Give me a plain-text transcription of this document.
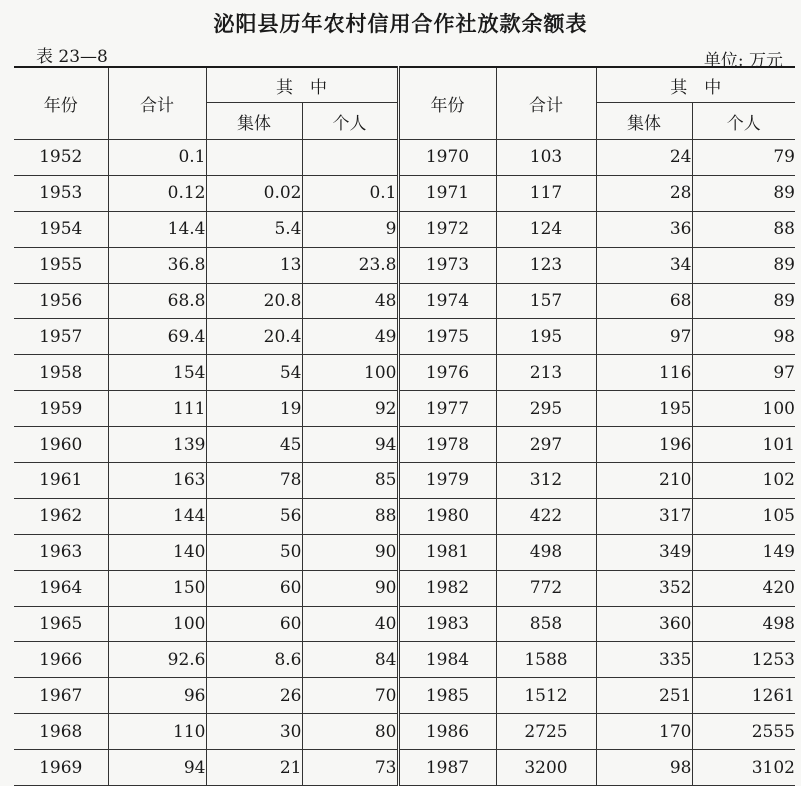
泌阳县历年农村信用合作社放款余额表
表 23—8	单位: 万元
年份	合计	其　中		年份	合计	其　中	
		集体	个人			集体	个人
1952	0.1			1970	103	24	79
1953	0.12	0.02	0.1	1971	117	28	89
1954	14.4	5.4	9	1972	124	36	88
1955	36.8	13	23.8	1973	123	34	89
1956	68.8	20.8	48	1974	157	68	89
1957	69.4	20.4	49	1975	195	97	98
1958	154	54	100	1976	213	116	97
1959	111	19	92	1977	295	195	100
1960	139	45	94	1978	297	196	101
1961	163	78	85	1979	312	210	102
1962	144	56	88	1980	422	317	105
1963	140	50	90	1981	498	349	149
1964	150	60	90	1982	772	352	420
1965	100	60	40	1983	858	360	498
1966	92.6	8.6	84	1984	1588	335	1253
1967	96	26	70	1985	1512	251	1261
1968	110	30	80	1986	2725	170	2555
1969	94	21	73	1987	3200	98	3102
